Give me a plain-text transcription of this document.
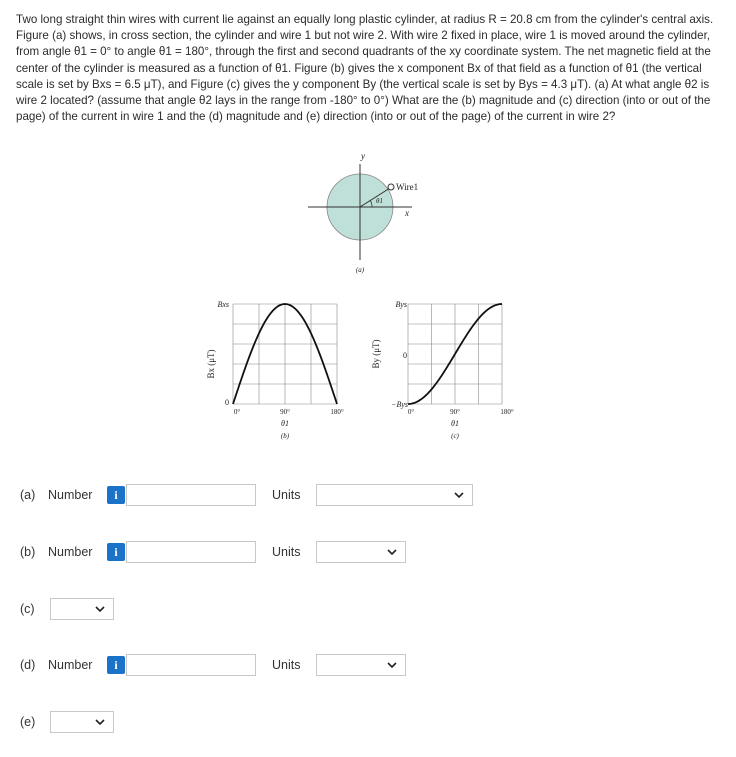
Two long straight thin wires with current lie against an equally long plastic cylinder, at radius R = 20.8 cm from the cylinder's central axis. Figure (a) shows, in cross section, the cylinder and wire 1 but not wire 2. With wire 2 fixed in place, wire 1 is moved around the cylinder, from angle θ1 = 0° to angle θ1 = 180°, through the first and second quadrants of the xy coordinate system. The net magnetic field at the center of the cylinder is measured as a function of θ1. Figure (b) gives the x component Bx of that field as a function of θ1 (the vertical scale is set by Bxs = 6.5 μT), and Figure (c) gives the y component By (the vertical scale is set by Bys = 4.3 μT). (a) At what angle θ2 is wire 2 located? (assume that angle θ2 lays in the range from -180° to 0°) What are the (b) magnitude and (c) direction (into or out of the page) of the current in wire 1 and the (d) magnitude and (e) direction (into or out of the page) of the current in wire 2?
y
θ1
Wire1
x
(a)
Bx (μT)
Bxs
0
0°	90°	180°
θ1
(b)
By (μT)
Bys
0
−Bys
0°	90°	180°
θ1
(c)
(a) Number	i	Units
(b) Number	i	Units
(c)
(d) Number	i	Units
(e)
